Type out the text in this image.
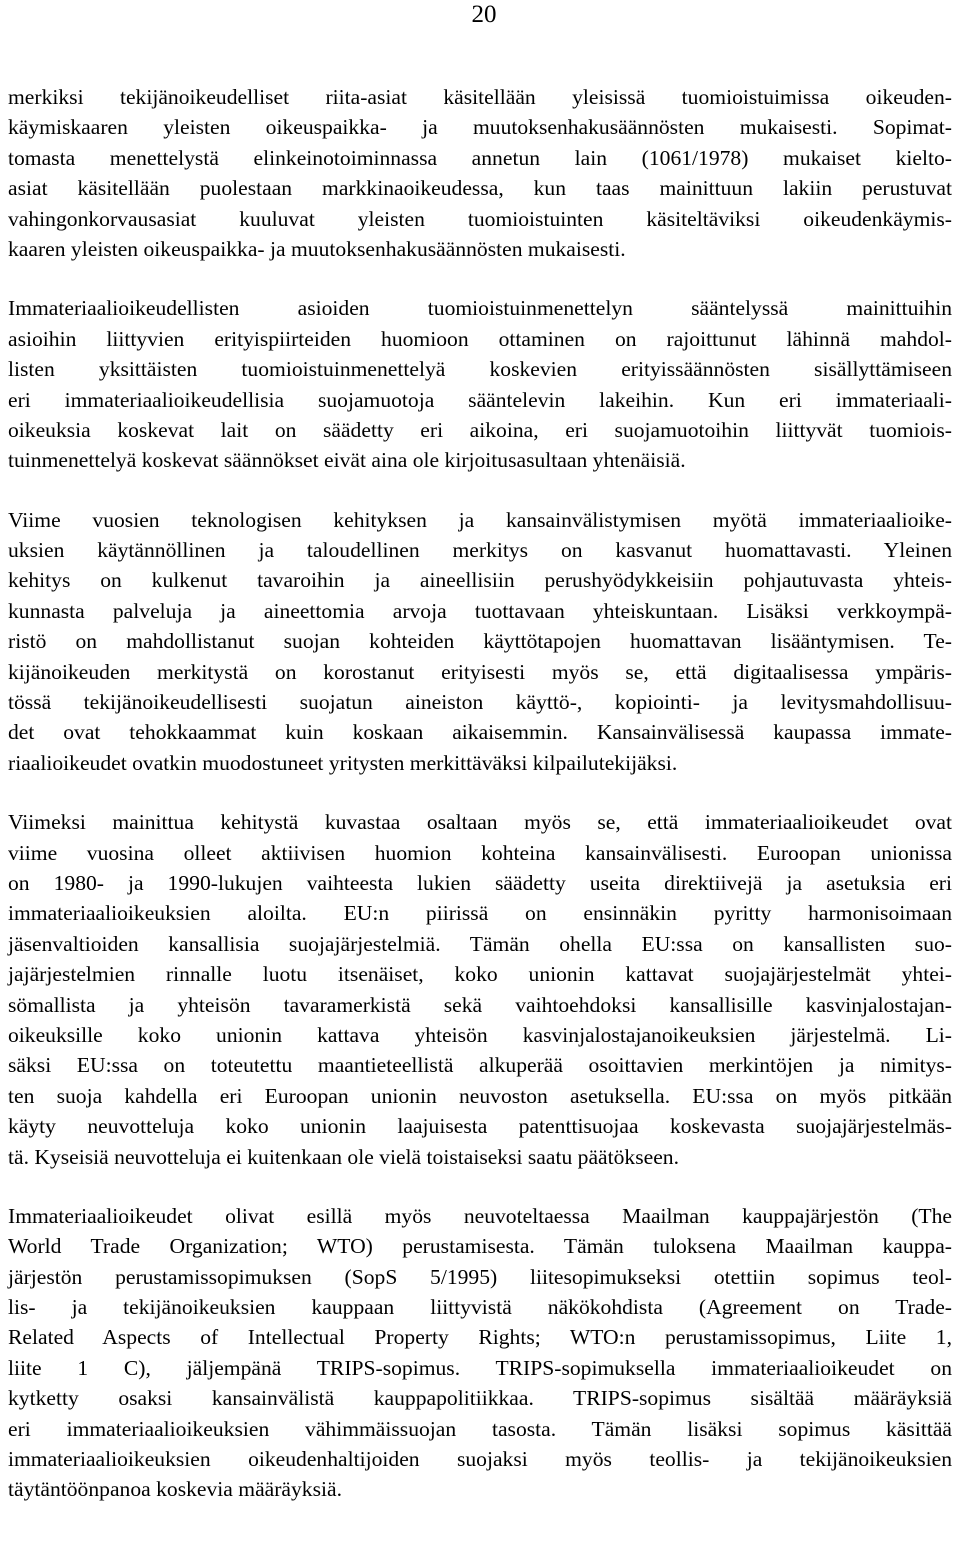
20
merkiksi tekijänoikeudelliset riita-asiat käsitellään yleisissä tuomioistuimissa oikeuden-
käymiskaaren yleisten oikeuspaikka- ja muutoksenhakusäännösten mukaisesti. Sopimat-
tomasta menettelystä elinkeinotoiminnassa annetun lain (1061/1978) mukaiset kielto-
asiat käsitellään puolestaan markkinaoikeudessa, kun taas mainittuun lakiin perustuvat
vahingonkorvausasiat kuuluvat yleisten tuomioistuinten käsiteltäviksi oikeudenkäymis-
kaaren yleisten oikeuspaikka- ja muutoksenhakusäännösten mukaisesti.
Immateriaalioikeudellisten asioiden tuomioistuinmenettelyn sääntelyssä mainittuihin
asioihin liittyvien erityispiirteiden huomioon ottaminen on rajoittunut lähinnä mahdol-
listen yksittäisten tuomioistuinmenettelyä koskevien erityissäännösten sisällyttämiseen
eri immateriaalioikeudellisia suojamuotoja sääntelevin lakeihin. Kun eri immateriaali-
oikeuksia koskevat lait on säädetty eri aikoina, eri suojamuotoihin liittyvät tuomiois-
tuinmenettelyä koskevat säännökset eivät aina ole kirjoitusasultaan yhtenäisiä.
Viime vuosien teknologisen kehityksen ja kansainvälistymisen myötä immateriaalioike-
uksien käytännöllinen ja taloudellinen merkitys on kasvanut huomattavasti. Yleinen
kehitys on kulkenut tavaroihin ja aineellisiin perushyödykkeisiin pohjautuvasta yhteis-
kunnasta palveluja ja aineettomia arvoja tuottavaan yhteiskuntaan. Lisäksi verkkoympä-
ristö on mahdollistanut suojan kohteiden käyttötapojen huomattavan lisääntymisen. Te-
kijänoikeuden merkitystä on korostanut erityisesti myös se, että digitaalisessa ympäris-
tössä tekijänoikeudellisesti suojatun aineiston käyttö-, kopiointi- ja levitysmahdollisuu-
det ovat tehokkaammat kuin koskaan aikaisemmin. Kansainvälisessä kaupassa immate-
riaalioikeudet ovatkin muodostuneet yritysten merkittäväksi kilpailutekijäksi.
Viimeksi mainittua kehitystä kuvastaa osaltaan myös se, että immateriaalioikeudet ovat
viime vuosina olleet aktiivisen huomion kohteina kansainvälisesti. Euroopan unionissa
on 1980- ja 1990-lukujen vaihteesta lukien säädetty useita direktiivejä ja asetuksia eri
immateriaalioikeuksien aloilta. EU:n piirissä on ensinnäkin pyritty harmonisoimaan
jäsenvaltioiden kansallisia suojajärjestelmiä. Tämän ohella EU:ssa on kansallisten suo-
jajärjestelmien rinnalle luotu itsenäiset, koko unionin kattavat suojajärjestelmät yhtei-
sömallista ja yhteisön tavaramerkistä sekä vaihtoehdoksi kansallisille kasvinjalostajan-
oikeuksille koko unionin kattava yhteisön kasvinjalostajanoikeuksien järjestelmä. Li-
säksi EU:ssa on toteutettu maantieteellistä alkuperää osoittavien merkintöjen ja nimitys-
ten suoja kahdella eri Euroopan unionin neuvoston asetuksella. EU:ssa on myös pitkään
käyty neuvotteluja koko unionin laajuisesta patenttisuojaa koskevasta suojajärjestelmäs-
tä. Kyseisiä neuvotteluja ei kuitenkaan ole vielä toistaiseksi saatu päätökseen.
Immateriaalioikeudet olivat esillä myös neuvoteltaessa Maailman kauppajärjestön (The
World Trade Organization; WTO) perustamisesta. Tämän tuloksena Maailman kauppa-
järjestön perustamissopimuksen (SopS 5/1995) liitesopimukseksi otettiin sopimus teol-
lis- ja tekijänoikeuksien kauppaan liittyvistä näkökohdista (Agreement on Trade-
Related Aspects of Intellectual Property Rights; WTO:n perustamissopimus, Liite 1,
liite 1 C), jäljempänä TRIPS-sopimus. TRIPS-sopimuksella immateriaalioikeudet on
kytketty osaksi kansainvälistä kauppapolitiikkaa. TRIPS-sopimus sisältää määräyksiä
eri immateriaalioikeuksien vähimmäissuojan tasosta. Tämän lisäksi sopimus käsittää
immateriaalioikeuksien oikeudenhaltijoiden suojaksi myös teollis- ja tekijänoikeuksien
täytäntöönpanoa koskevia määräyksiä.
